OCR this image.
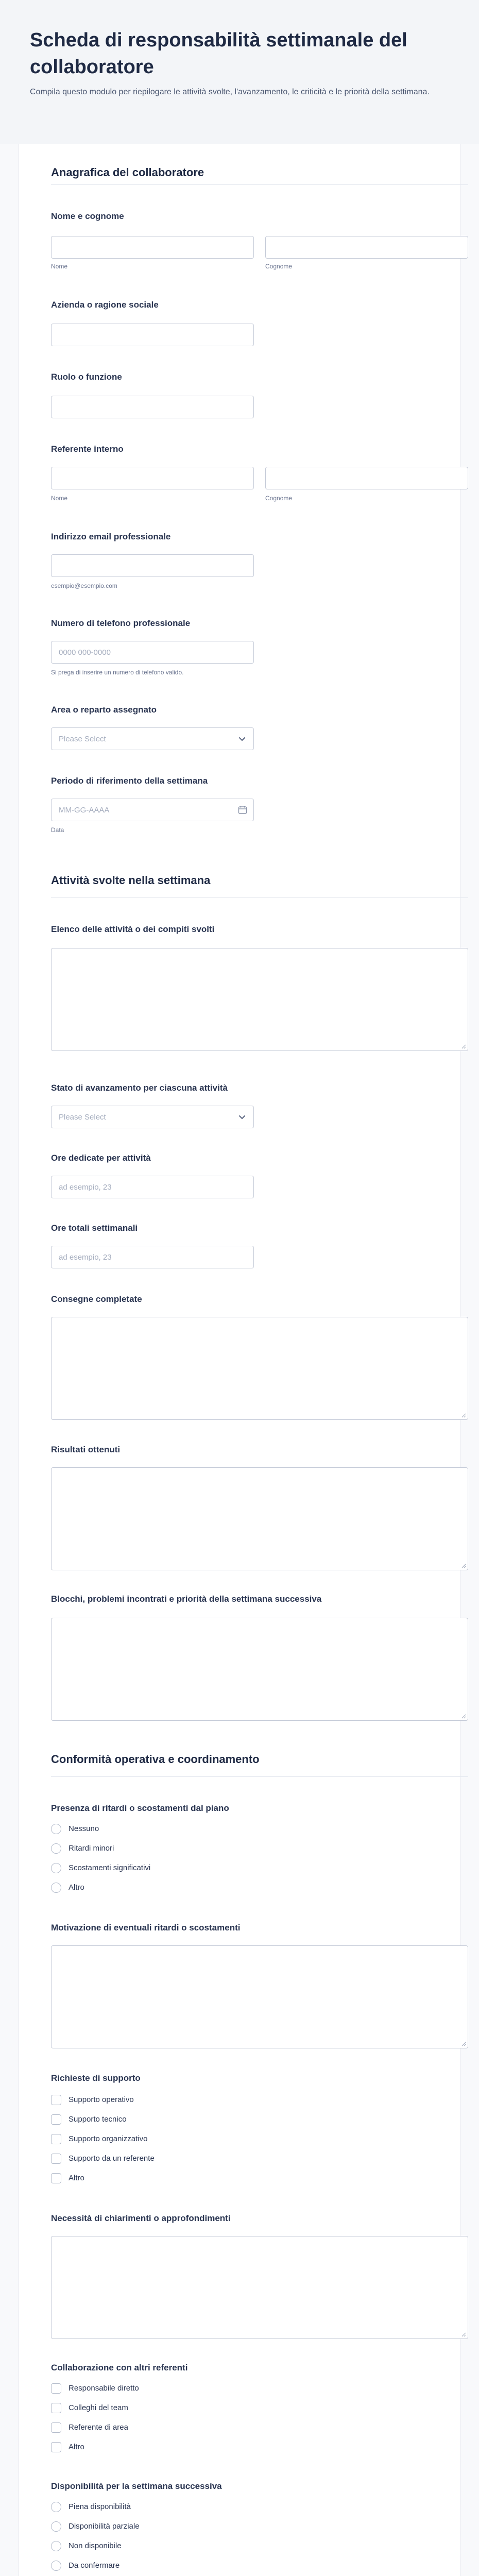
Scheda di responsabilità settimanale del collaboratore
Compila questo modulo per riepilogare le attività svolte, l'avanzamento, le criticità e le priorità della settimana.
Anagrafica del collaboratore
Nome e cognome
Nome	Cognome
Azienda o ragione sociale
Ruolo o funzione
Referente interno
Nome	Cognome
Indirizzo email professionale
esempio@esempio.com
Numero di telefono professionale
0000 000-0000
Si prega di inserire un numero di telefono valido.
Area o reparto assegnato
Please Select
Periodo di riferimento della settimana
MM-GG-AAAA
Data
Attività svolte nella settimana
Elenco delle attività o dei compiti svolti
Stato di avanzamento per ciascuna attività
Please Select
Ore dedicate per attività
ad esempio, 23
Ore totali settimanali
ad esempio, 23
Consegne completate
Risultati ottenuti
Blocchi, problemi incontrati e priorità della settimana successiva
Conformità operativa e coordinamento
Presenza di ritardi o scostamenti dal piano
Nessuno
Ritardi minori
Scostamenti significativi
Altro
Motivazione di eventuali ritardi o scostamenti
Richieste di supporto
Supporto operativo
Supporto tecnico
Supporto organizzativo
Supporto da un referente
Altro
Necessità di chiarimenti o approfondimenti
Collaborazione con altri referenti
Responsabile diretto
Colleghi del team
Referente di area
Altro
Disponibilità per la settimana successiva
Piena disponibilità
Disponibilità parziale
Non disponibile
Da confermare
